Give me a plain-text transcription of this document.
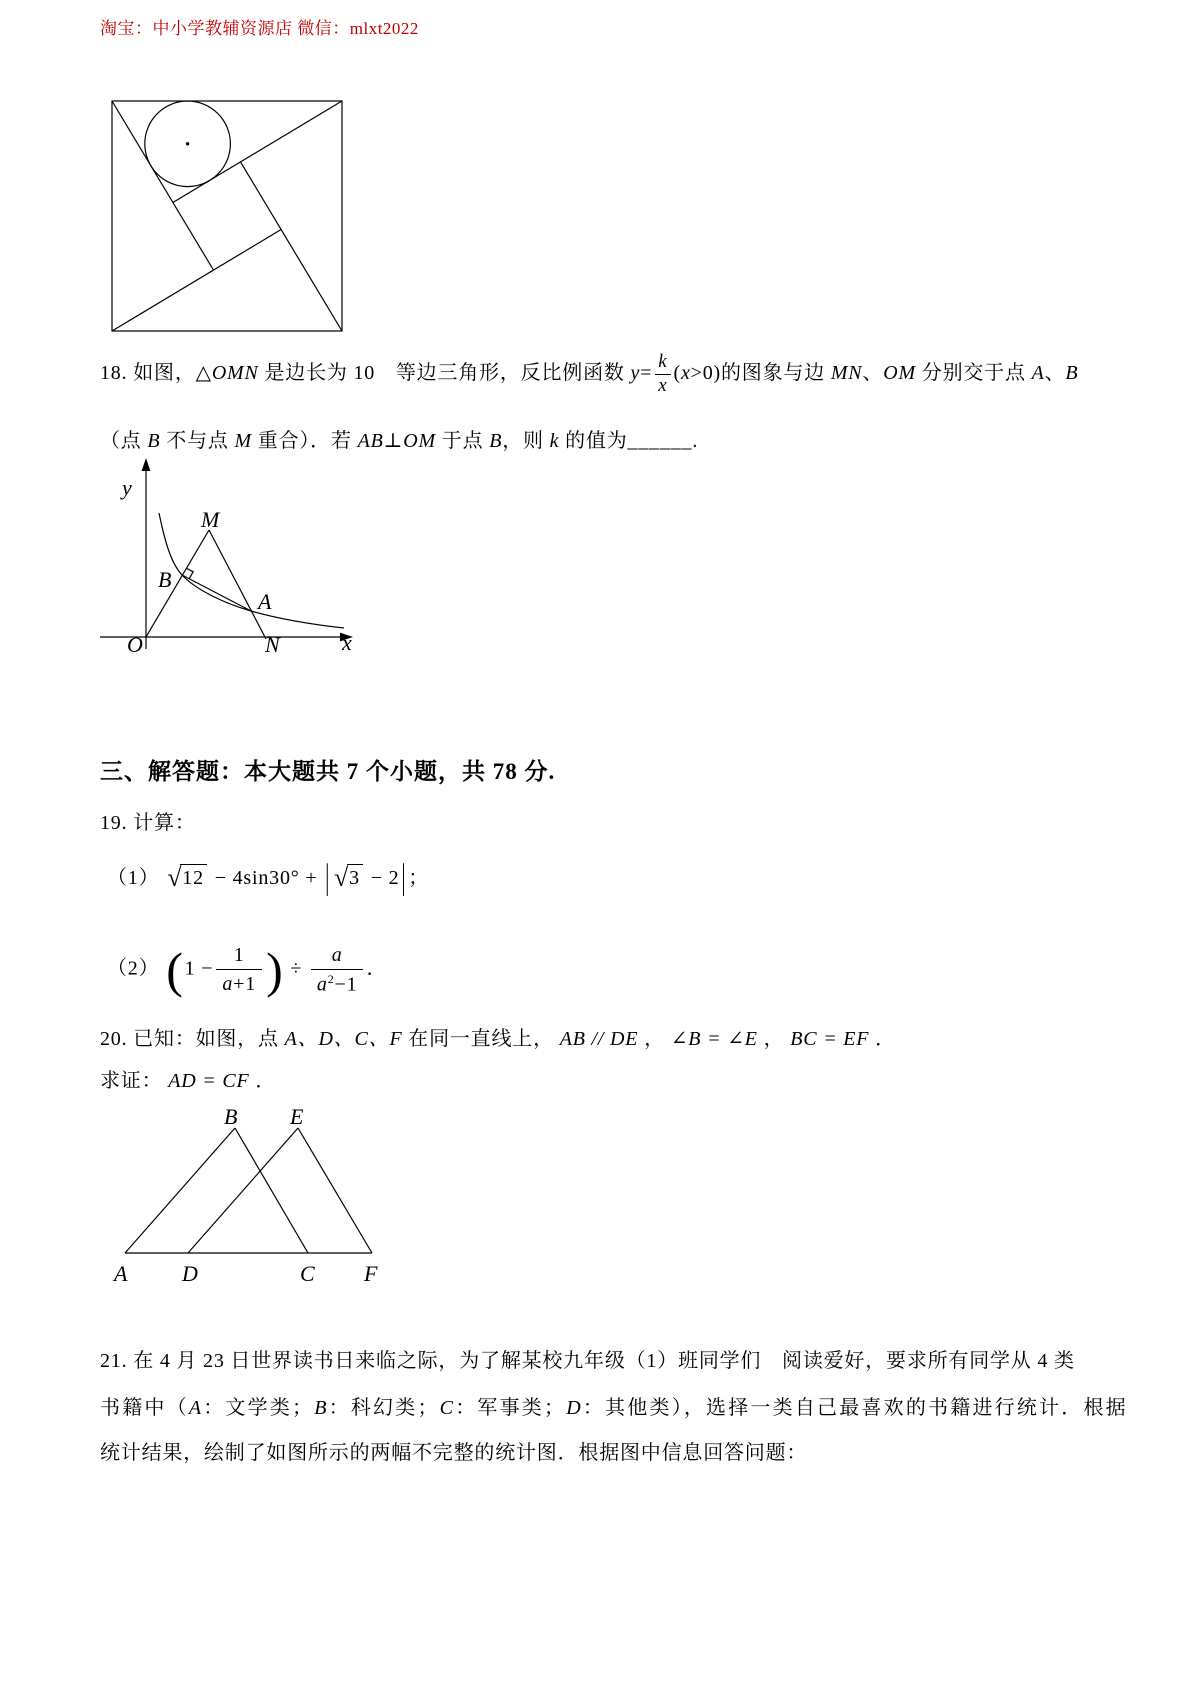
淘宝：中小学教辅资源店 微信：mlxt2022
18. 如图，△OMN 是边长为 10　等边三角形，反比例函数 $y= \frac{k}{x} (x>0)$的图象与边 MN、OM 分别交于点 A、B
（点 B 不与点 M 重合）．若 AB⊥OM 于点 B，则 k 的值为______.
y
M
B
A
O	N	x
三、解答题：本大题共 7 个小题，共 78 分.
19. 计算：
（1） √12 − 4sin30° + | √3 − 2 | ；
（2） ($1 - \frac{1}{a+1}$ ) ÷ $\frac{a}{a^2-1}$ ．
20. 已知：如图，点 A、D、C、F 在同一直线上， AB // DE ， ∠B = ∠E ， BC = EF ．
求证： AD = CF ．
B E
A D	C F
21. 在 4 月 23 日世界读书日来临之际，为了解某校九年级（1）班同学们　阅读爱好，要求所有同学从 4 类
书籍中（A：文学类；B：科幻类；C：军事类；D：其他类），选择一类自己最喜欢的书籍进行统计．根据
统计结果，绘制了如图所示的两幅不完整的统计图．根据图中信息回答问题：
